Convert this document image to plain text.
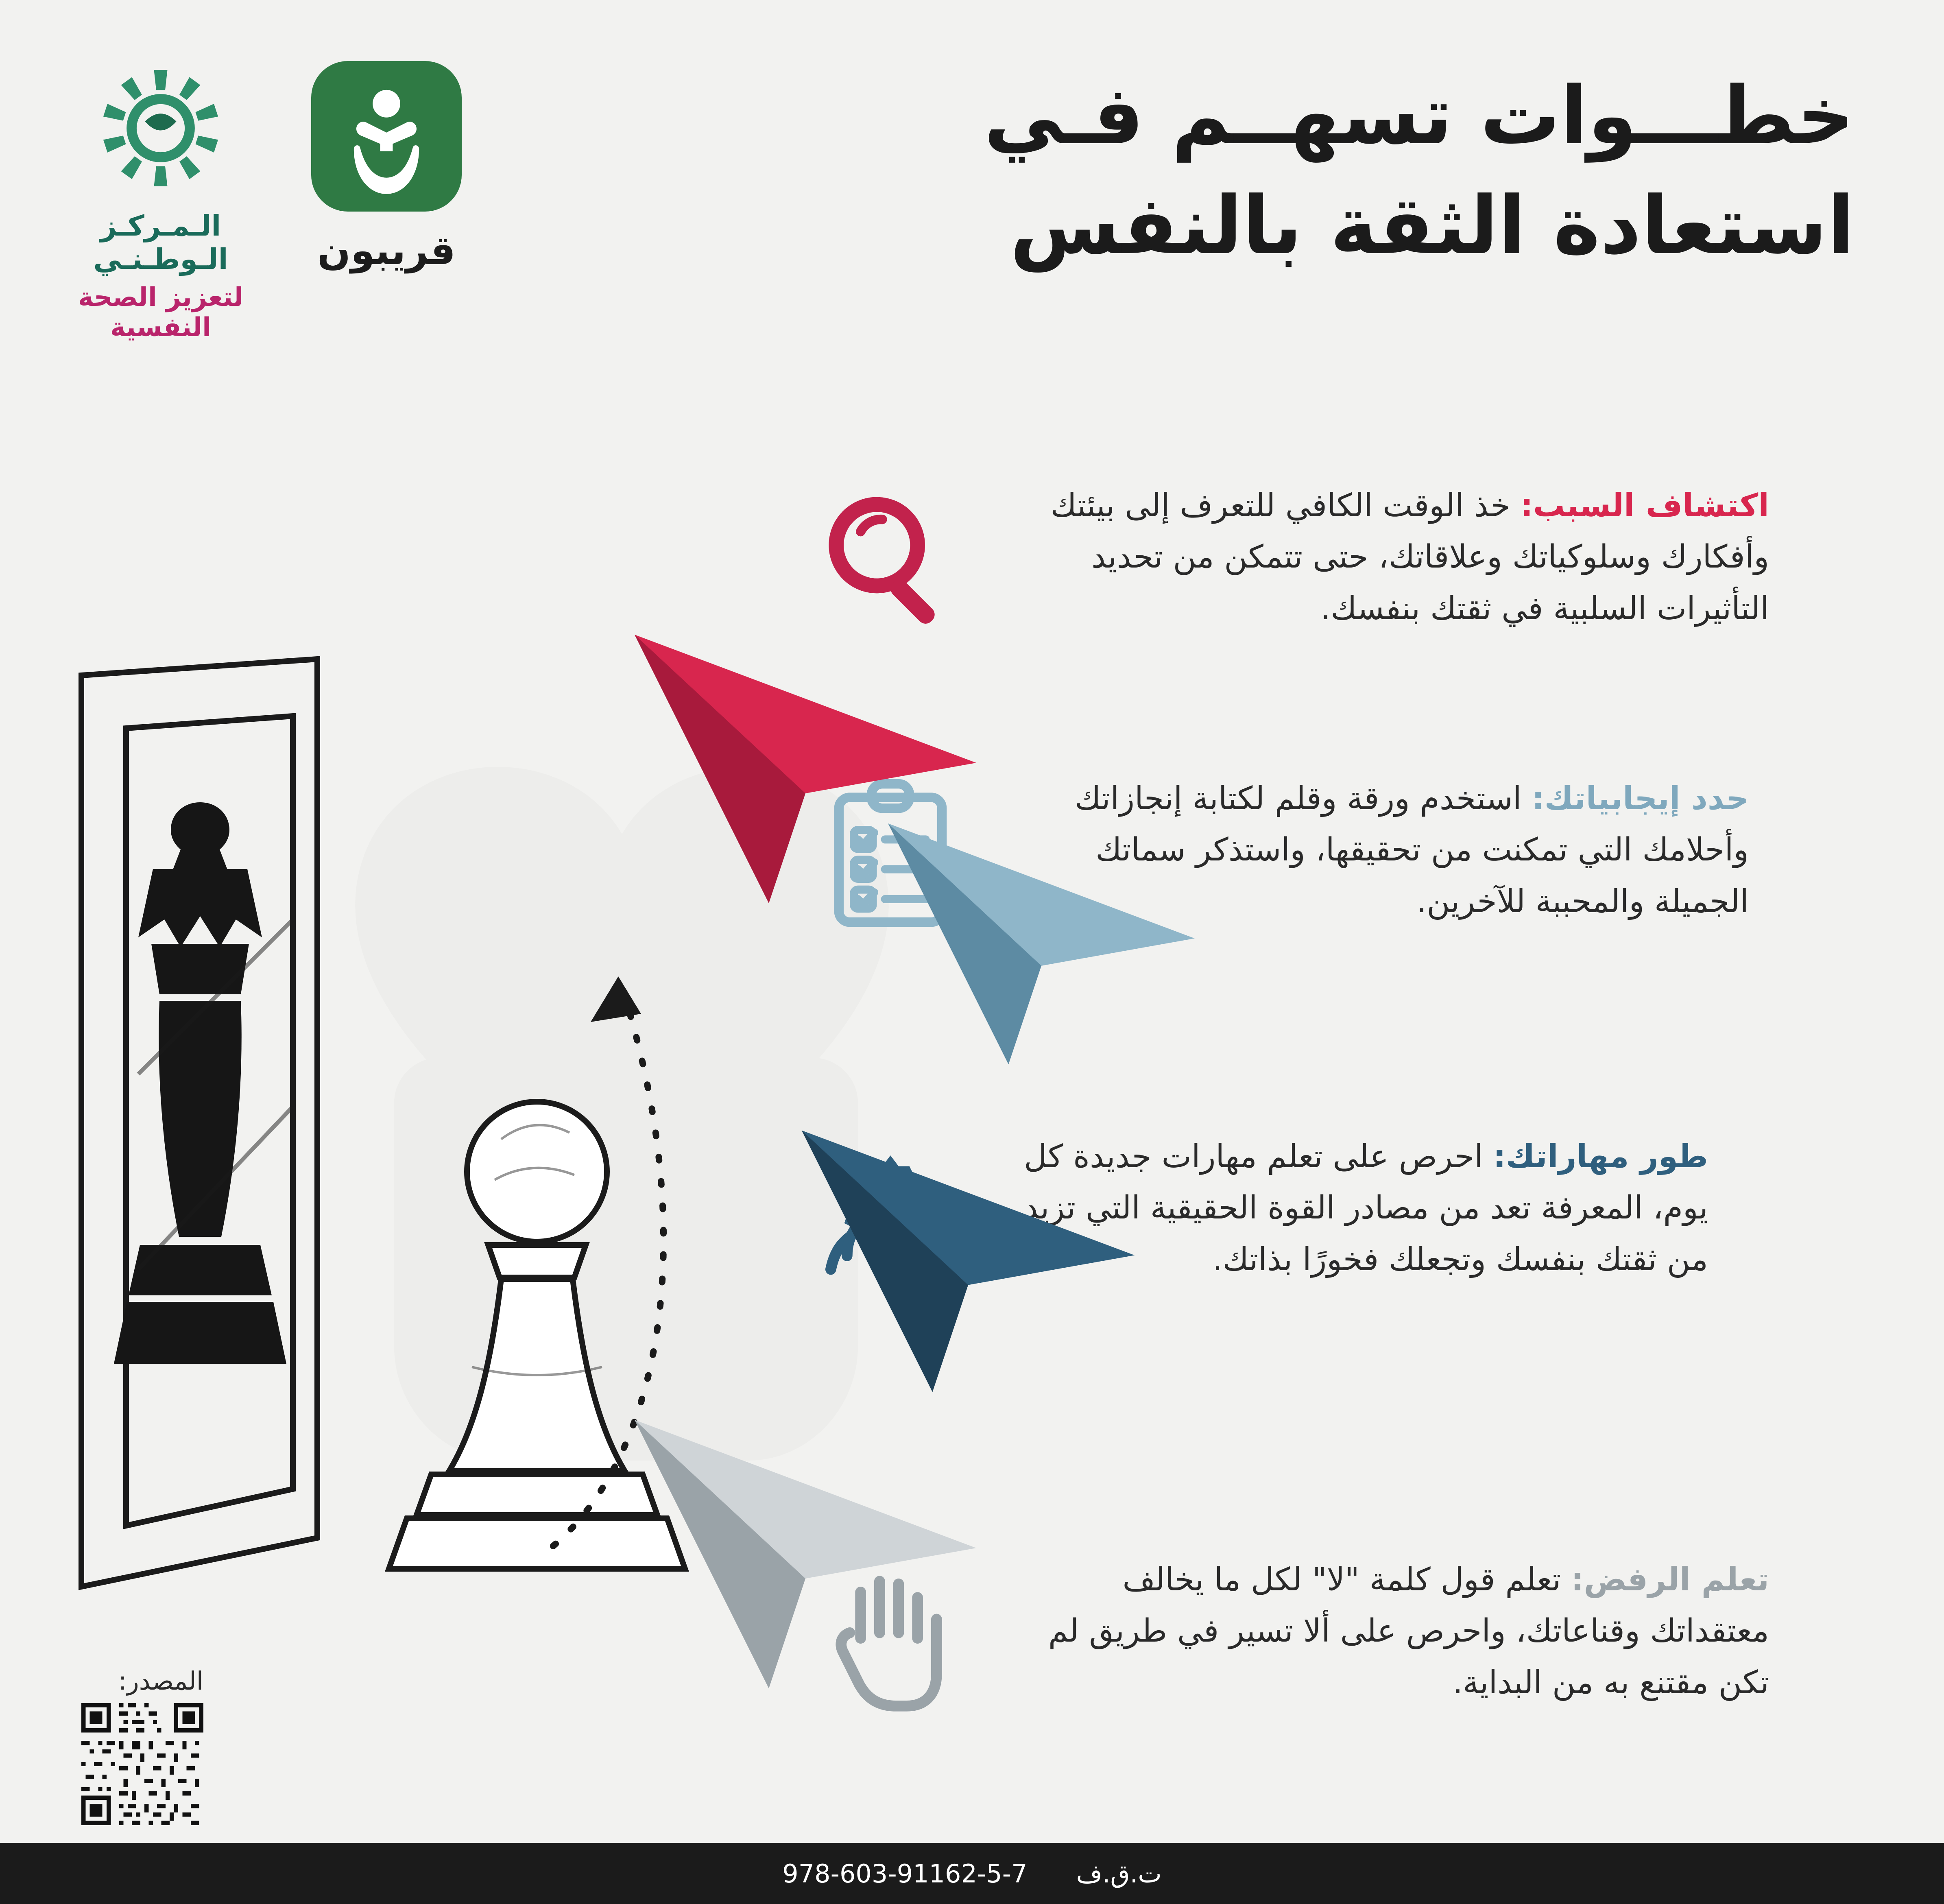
الـمـركـز الـوطـنـي
لتعزيز الصحة النفسية
قريبون
خطـــوات تسهــم فـي
استعادة الثقة بالنفس
اكتشاف السبب: خذ الوقت الكافي للتعرف إلى بيئتك وأفكارك وسلوكياتك وعلاقاتك، حتى تتمكن من تحديد التأثيرات السلبية في ثقتك بنفسك.
حدد إيجابياتك: استخدم ورقة وقلم لكتابة إنجازاتك وأحلامك التي تمكنت من تحقيقها، واستذكر سماتك الجميلة والمحببة للآخرين.
طور مهاراتك: احرص على تعلم مهارات جديدة كل يوم، المعرفة تعد من مصادر القوة الحقيقية التي تزيد من ثقتك بنفسك وتجعلك فخورًا بذاتك.
تعلم الرفض: تعلم قول كلمة "لا" لكل ما يخالف معتقداتك وقناعاتك، واحرص على ألا تسير في طريق لم تكن مقتنع به من البداية.
المصدر:
ت.ق.ف
978-603-91162-5-7
